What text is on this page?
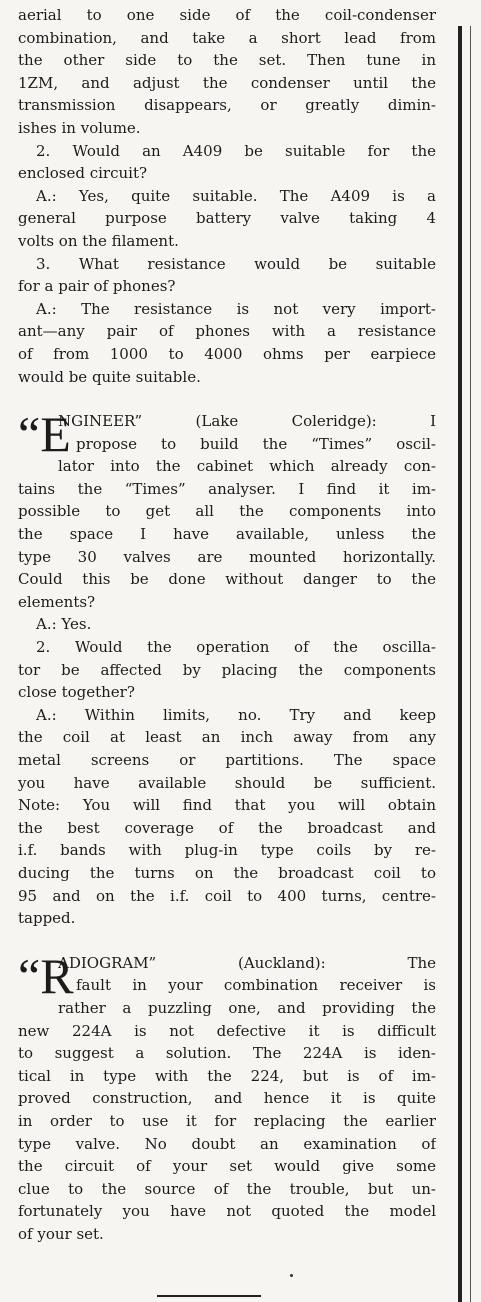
aerial to one side of the coil-condenser
combination, and take a short lead from
the other side to the set. Then tune in
1ZM, and adjust the condenser until the
transmission disappears, or greatly dimin-
ishes in volume.
2. Would an A409 be suitable for the
enclosed circuit?
A.: Yes, quite suitable. The A409 is a
general purpose battery valve taking 4
volts on the filament.
3. What resistance would be suitable
for a pair of phones?
A.: The resistance is not very import-
ant—any pair of phones with a resistance
of from 1000 to 4000 ohms per earpiece
would be quite suitable.
“E
NGINEER” (Lake Coleridge): I
propose to build the “Times” oscil-
lator into the cabinet which already con-
tains the “Times” analyser. I find it im-
possible to get all the components into
the space I have available, unless the
type 30 valves are mounted horizontally.
Could this be done without danger to the
elements?
A.: Yes.
2. Would the operation of the oscilla-
tor be affected by placing the components
close together?
A.: Within limits, no. Try and keep
the coil at least an inch away from any
metal screens or partitions. The space
you have available should be sufficient.
Note: You will find that you will obtain
the best coverage of the broadcast and
i.f. bands with plug-in type coils by re-
ducing the turns on the broadcast coil to
95 and on the i.f. coil to 400 turns, centre-
tapped.
“R
ADIOGRAM” (Auckland): The
fault in your combination receiver is
rather a puzzling one, and providing the
new 224A is not defective it is difficult
to suggest a solution. The 224A is iden-
tical in type with the 224, but is of im-
proved construction, and hence it is quite
in order to use it for replacing the earlier
type valve. No doubt an examination of
the circuit of your set would give some
clue to the source of the trouble, but un-
fortunately you have not quoted the model
of your set.
